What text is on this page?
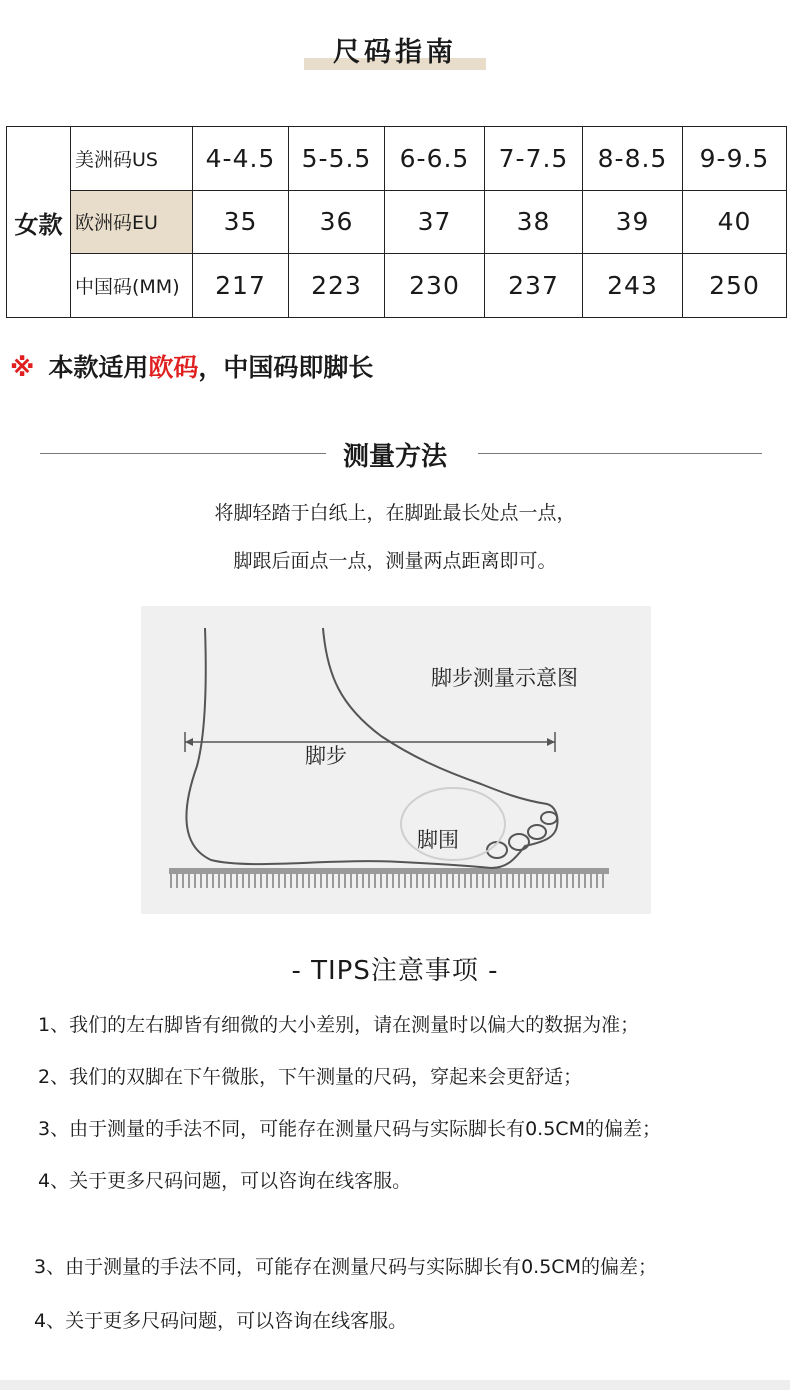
尺码指南
女款	美洲码US	4-4.5	5-5.5	6-6.5	7-7.5	8-8.5	9-9.5
	欧洲码EU	35	36	37	38	39	40
	中国码(MM)	217	223	230	237	243	250
※ 本款适用欧码，中国码即脚长
测量方法
将脚轻踏于白纸上，在脚趾最长处点一点，
脚跟后面点一点，测量两点距离即可。
脚步测量示意图
脚步
脚围
- TIPS注意事项 -
1、我们的左右脚皆有细微的大小差别，请在测量时以偏大的数据为准；
2、我们的双脚在下午微胀，下午测量的尺码，穿起来会更舒适；
3、由于测量的手法不同，可能存在测量尺码与实际脚长有0.5CM的偏差；
4、关于更多尺码问题，可以咨询在线客服。
3、由于测量的手法不同，可能存在测量尺码与实际脚长有0.5CM的偏差；
4、关于更多尺码问题，可以咨询在线客服。
